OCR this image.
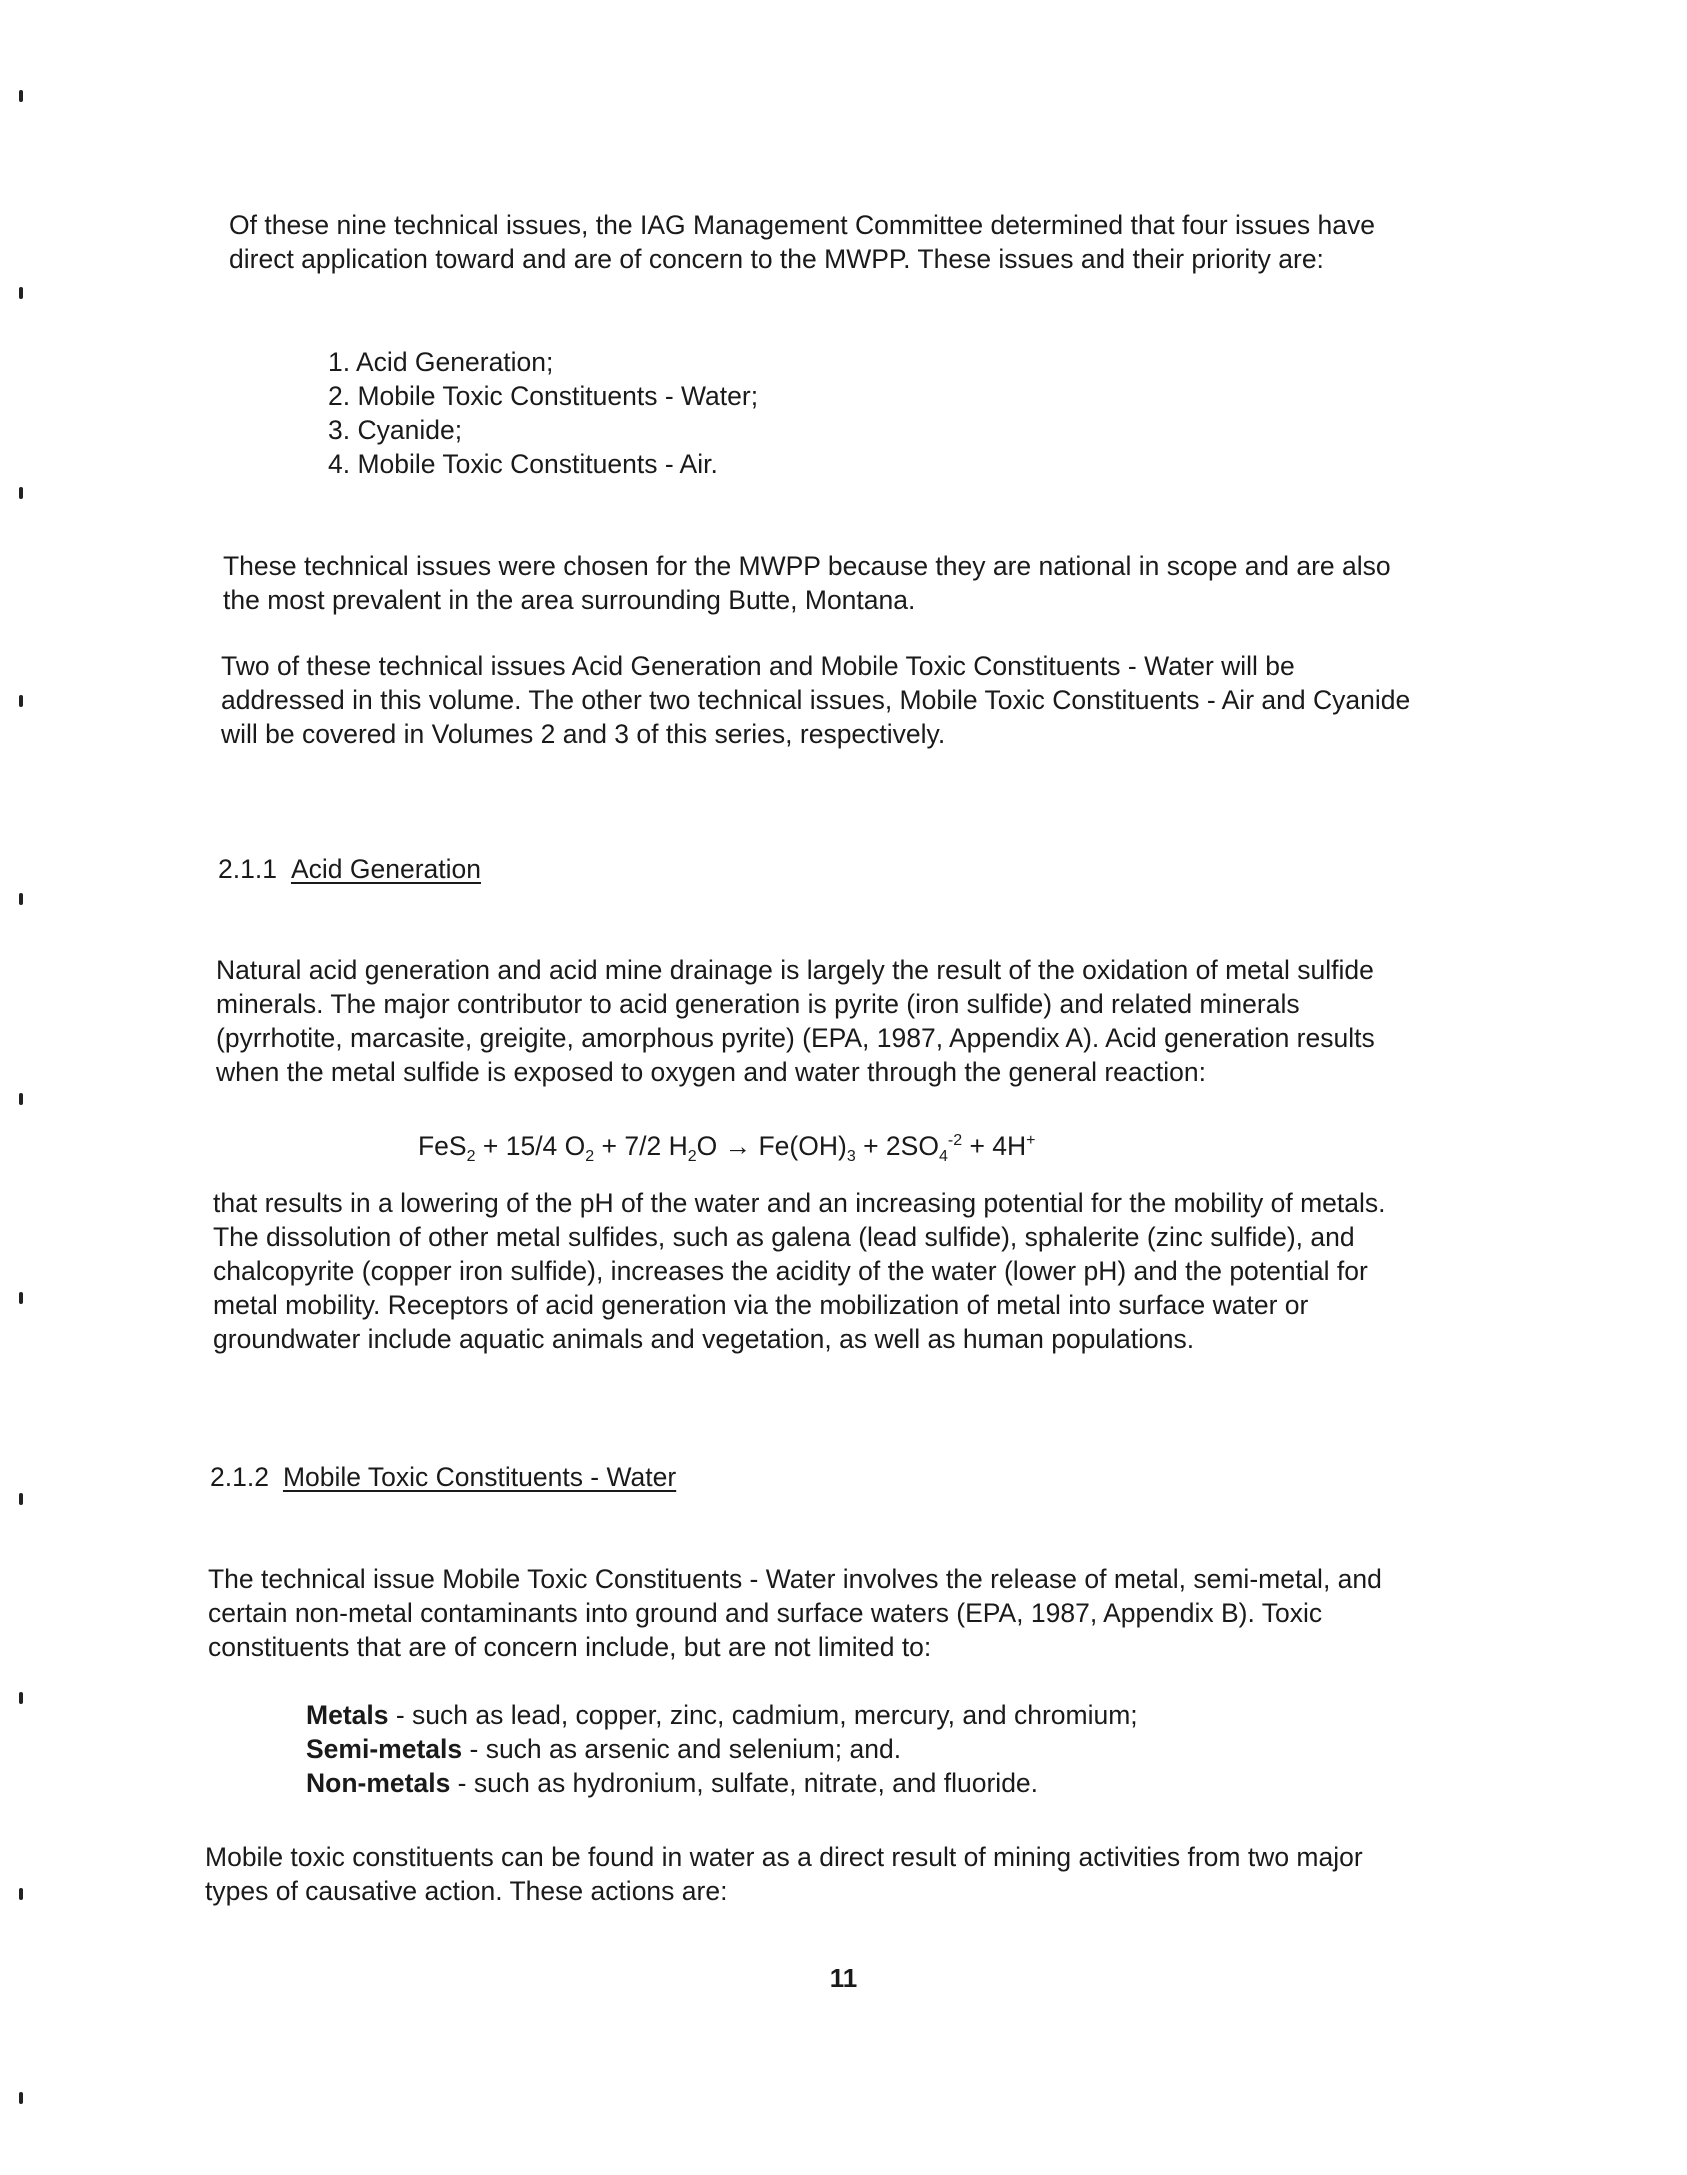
Of these nine technical issues, the IAG Management Committee determined that four issues have
direct application toward and are of concern to the MWPP. These issues and their priority are:

1. Acid Generation;
2. Mobile Toxic Constituents - Water;
3. Cyanide;
4. Mobile Toxic Constituents - Air.

These technical issues were chosen for the MWPP because they are national in scope and are also
the most prevalent in the area surrounding Butte, Montana.

Two of these technical issues Acid Generation and Mobile Toxic Constituents - Water will be
addressed in this volume. The other two technical issues, Mobile Toxic Constituents - Air and Cyanide
will be covered in Volumes 2 and 3 of this series, respectively.

2.1.1 Acid Generation

Natural acid generation and acid mine drainage is largely the result of the oxidation of metal sulfide
minerals. The major contributor to acid generation is pyrite (iron sulfide) and related minerals
(pyrrhotite, marcasite, greigite, amorphous pyrite) (EPA, 1987, Appendix A). Acid generation results
when the metal sulfide is exposed to oxygen and water through the general reaction:

FeS$_2$ + 15/4 $O_2 + 7/2$ $H_2O \to Fe(OH)_3 + 2SO_4^{-2} + 4H^+$

that results in a lowering of the pH of the water and an increasing potential for the mobility of metals.
The dissolution of other metal sulfides, such as galena (lead sulfide), sphalerite (zinc sulfide), and
chalcopyrite (copper iron sulfide), increases the acidity of the water (lower pH) and the potential for
metal mobility. Receptors of acid generation via the mobilization of metal into surface water or
groundwater include aquatic animals and vegetation, as well as human populations.

2.1.2 Mobile Toxic Constituents - Water

The technical issue Mobile Toxic Constituents - Water involves the release of metal, semi-metal, and
certain non-metal contaminants into ground and surface waters (EPA, 1987, Appendix B). Toxic
constituents that are of concern include, but are not limited to:

Metals - such as lead, copper, zinc, cadmium, mercury, and chromium;
Semi-metals - such as arsenic and selenium; and.
Non-metals - such as hydronium, sulfate, nitrate, and fluoride.

Mobile toxic constituents can be found in water as a direct result of mining activities from two major
types of causative action. These actions are:

11
